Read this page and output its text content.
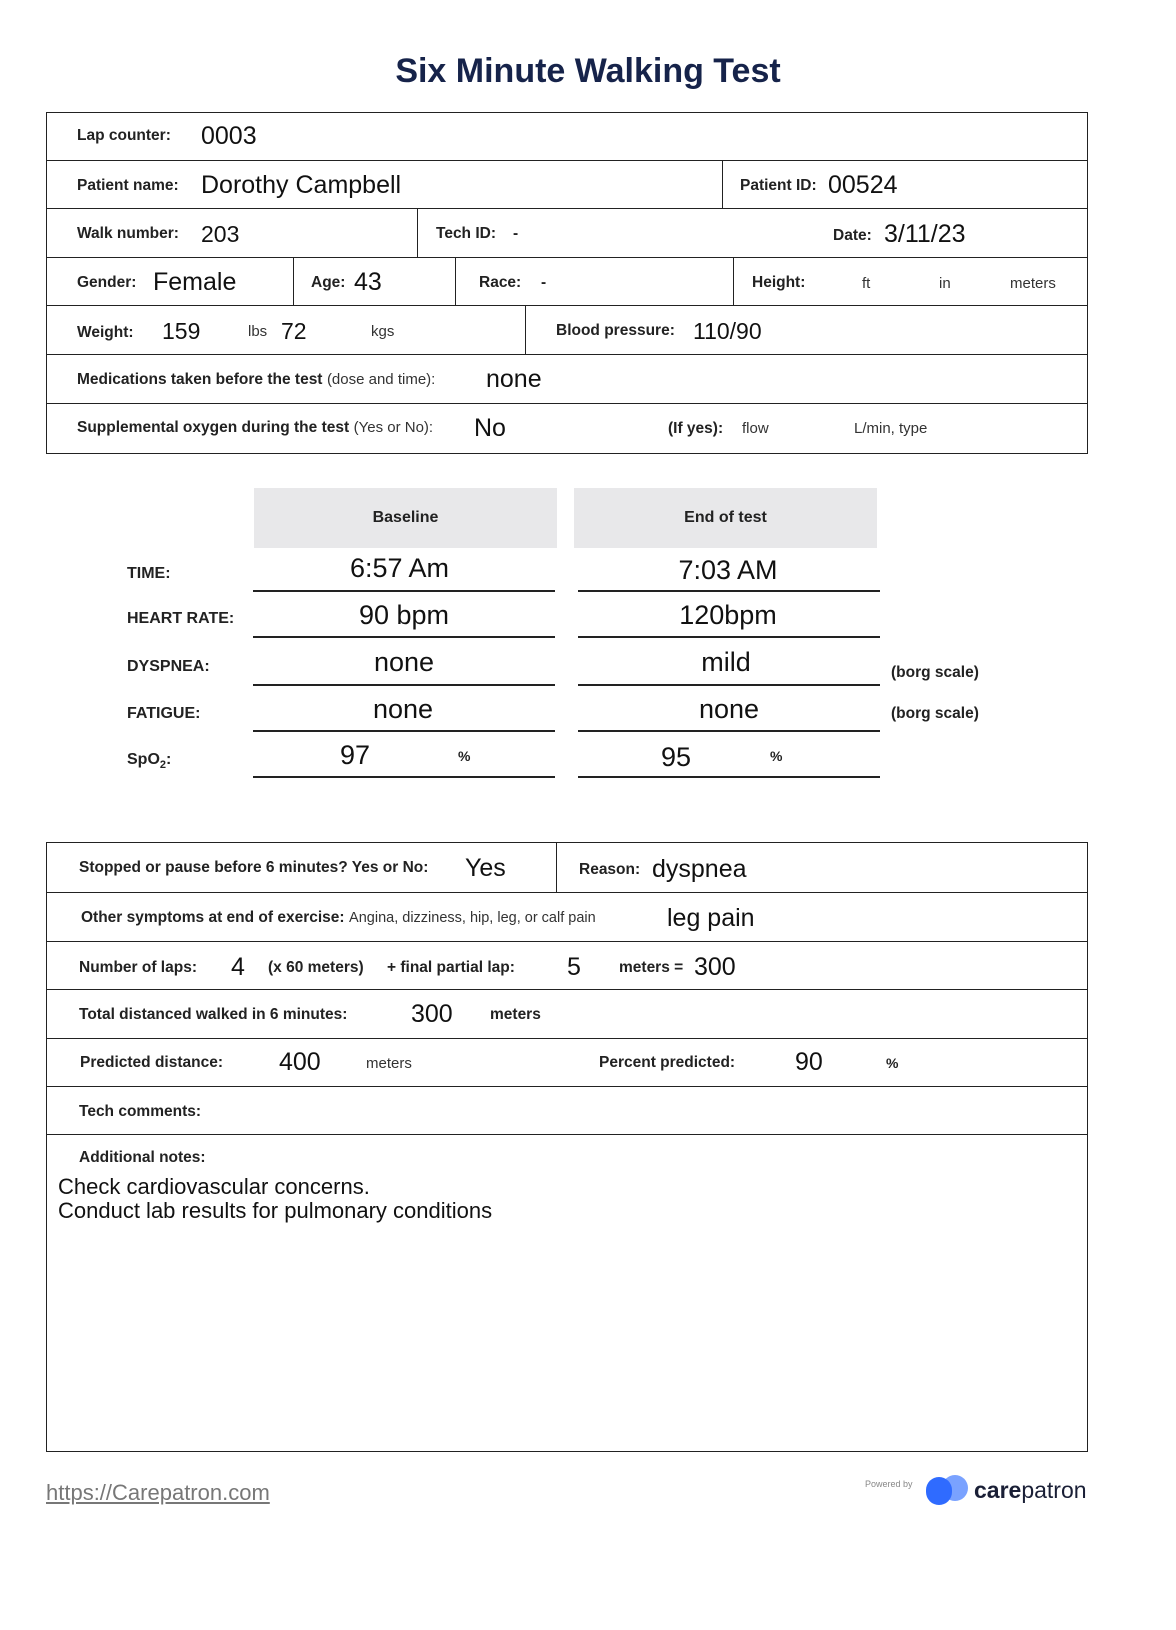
Six Minute Walking Test
Lap counter: 0003
Patient name: Dorothy Campbell	Patient ID: 00524
Walk number: 203	Tech ID: -	Date: 3/11/23
Gender: Female	Age: 43	Race: -	Height:	ft	in	meters
Weight: 159	lbs 72	kgs	Blood pressure: 110/90
Medications taken before the test (dose and time): none
Supplemental oxygen during the test (Yes or No): No	(If yes): flow	L/min, type
Baseline	End of test
TIME:	6:57 Am	7:03 AM
HEART RATE:	90 bpm	120bpm
DYSPNEA:	none	mild	(borg scale)
FATIGUE:	none	none	(borg scale)
SpO$_2$:	97	%	95	%
Stopped or pause before 6 minutes? Yes or No: Yes	Reason: dyspnea
Other symptoms at end of exercise: Angina, dizziness, hip, leg, or calf pain	leg pain
Number of laps: 4 (x 60 meters) + final partial lap: 5 meters = 300
Total distanced walked in 6 minutes:	300 meters
Predicted distance: 400	meters	Percent predicted: 90	%
Tech comments:
Additional notes:
Check cardiovascular concerns.
Conduct lab results for pulmonary conditions
https://Carepatron.com	Powered by	carepatron
